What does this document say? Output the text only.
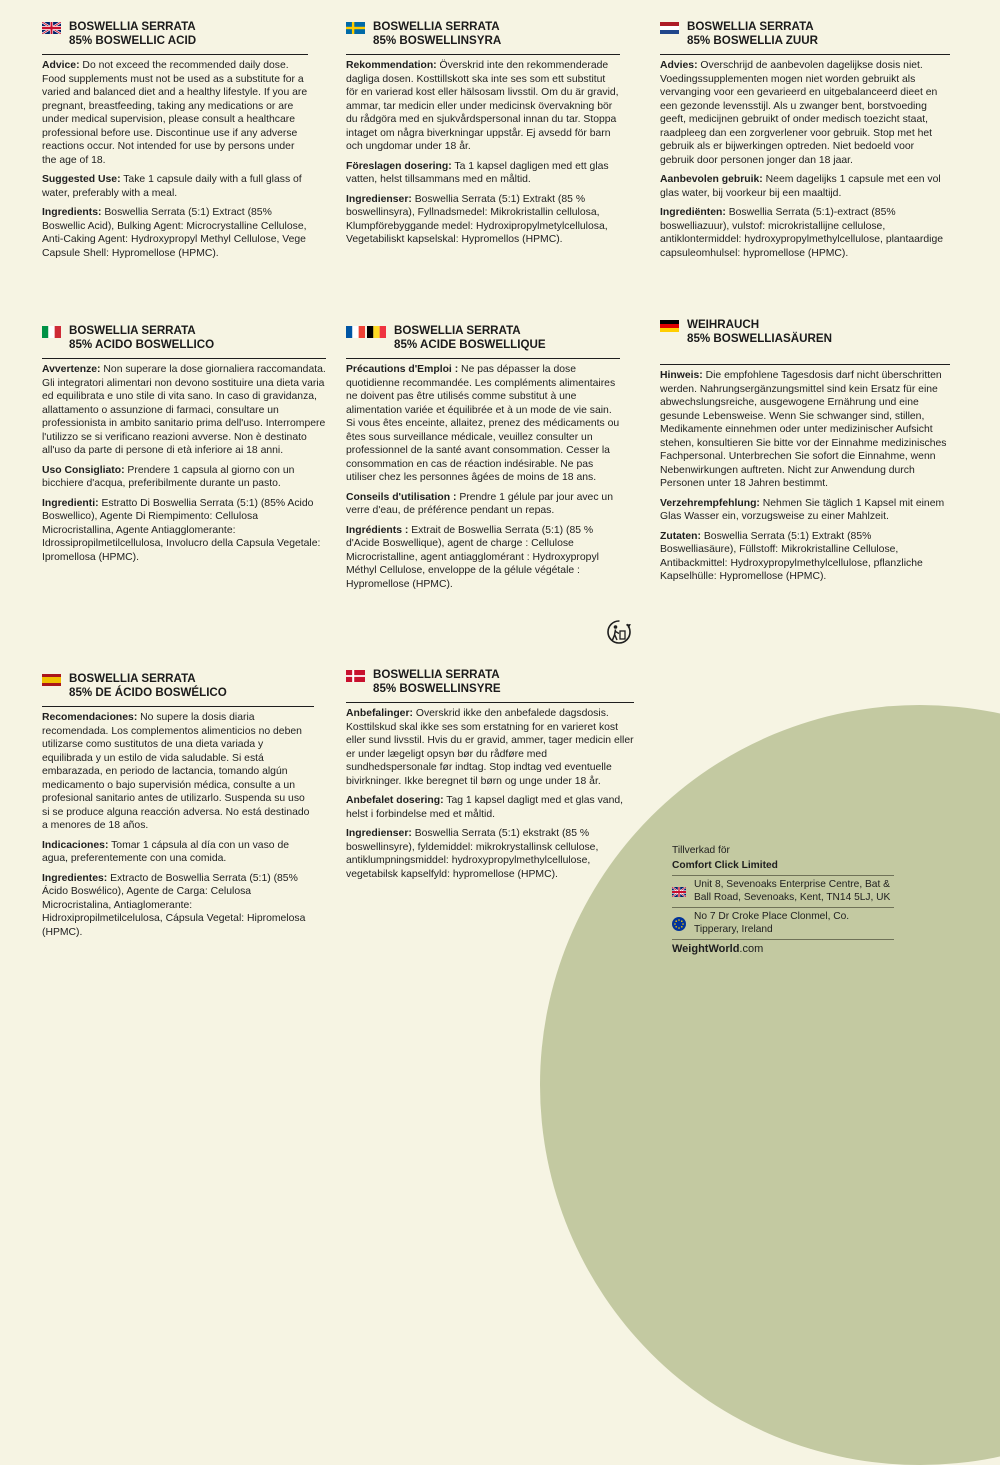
BOSWELLIA SERRATA
85% BOSWELLIC ACID

Advice: Do not exceed the recommended daily dose. Food supplements must not be used as a substitute for a varied and balanced diet and a healthy lifestyle. If you are pregnant, breastfeeding, taking any medications or are under medical supervision, please consult a healthcare professional before use. Discontinue use if any adverse reactions occur. Not intended for use by persons under the age of 18.

Suggested Use: Take 1 capsule daily with a full glass of water, preferably with a meal.

Ingredients: Boswellia Serrata (5:1) Extract (85% Boswellic Acid), Bulking Agent: Microcrystalline Cellulose, Anti-Caking Agent: Hydroxypropyl Methyl Cellulose, Vege Capsule Shell: Hypromellose (HPMC).

BOSWELLIA SERRATA
85% BOSWELLINSYRA

Rekommendation: Överskrid inte den rekommenderade dagliga dosen. Kosttillskott ska inte ses som ett substitut för en varierad kost eller hälsosam livsstil. Om du är gravid, ammar, tar medicin eller under medicinsk övervakning bör du rådgöra med en sjukvårdspersonal innan du tar. Stoppa intaget om några biverkningar uppstår. Ej avsedd för barn och ungdomar under 18 år.

Föreslagen dosering: Ta 1 kapsel dagligen med ett glas vatten, helst tillsammans med en måltid.

Ingredienser: Boswellia Serrata (5:1) Extrakt (85 % boswellinsyra), Fyllnadsmedel: Mikrokristallin cellulosa, Klumpförebyggande medel: Hydroxipropylmetylcellulosa, Vegetabiliskt kapselskal: Hypromellos (HPMC).

BOSWELLIA SERRATA
85% BOSWELLIA ZUUR

Advies: Overschrijd de aanbevolen dagelijkse dosis niet. Voedingssupplementen mogen niet worden gebruikt als vervanging voor een gevarieerd en uitgebalanceerd dieet en een gezonde levensstijl. Als u zwanger bent, borstvoeding geeft, medicijnen gebruikt of onder medisch toezicht staat, raadpleeg dan een zorgverlener voor gebruik. Stop met het gebruik als er bijwerkingen optreden. Niet bedoeld voor gebruik door personen jonger dan 18 jaar.

Aanbevolen gebruik: Neem dagelijks 1 capsule met een vol glas water, bij voorkeur bij een maaltijd.

Ingrediënten: Boswellia Serrata (5:1)-extract (85% boswelliazuur), vulstof: microkristallijne cellulose, antiklontermiddel: hydroxypropylmethylcellulose, plantaardige capsuleomhulsel: hypromellose (HPMC).

BOSWELLIA SERRATA
85% ACIDO BOSWELLICO

Avvertenze: Non superare la dose giornaliera raccomandata. Gli integratori alimentari non devono sostituire una dieta varia ed equilibrata e uno stile di vita sano. In caso di gravidanza, allattamento o assunzione di farmaci, consultare un professionista in ambito sanitario prima dell'uso. Interrompere l'utilizzo se si verificano reazioni avverse. Non è destinato all'uso da parte di persone di età inferiore ai 18 anni.

Uso Consigliato: Prendere 1 capsula al giorno con un bicchiere d'acqua, preferibilmente durante un pasto.

Ingredienti: Estratto Di Boswellia Serrata (5:1) (85% Acido Boswellico), Agente Di Riempimento: Cellulosa Microcristallina, Agente Antiagglomerante: Idrossipropilmetilcellulosa, Involucro della Capsula Vegetale: Ipromellosa (HPMC).

BOSWELLIA SERRATA
85% ACIDE BOSWELLIQUE

Précautions d'Emploi : Ne pas dépasser la dose quotidienne recommandée. Les compléments alimentaires ne doivent pas être utilisés comme substitut à une alimentation variée et équilibrée et à un mode de vie sain. Si vous êtes enceinte, allaitez, prenez des médicaments ou êtes sous surveillance médicale, veuillez consulter un professionnel de la santé avant consommation. Cesser la consommation en cas de réaction indésirable. Ne pas utiliser chez les personnes âgées de moins de 18 ans.

Conseils d'utilisation : Prendre 1 gélule par jour avec un verre d'eau, de préférence pendant un repas.

Ingrédients : Extrait de Boswellia Serrata (5:1) (85 % d'Acide Boswellique), agent de charge : Cellulose Microcristalline, agent antiagglomérant : Hydroxypropyl Méthyl Cellulose, enveloppe de la gélule végétale : Hypromellose (HPMC).

WEIHRAUCH
85% BOSWELLIASÄUREN

Hinweis: Die empfohlene Tagesdosis darf nicht überschritten werden. Nahrungsergänzungsmittel sind kein Ersatz für eine abwechslungsreiche, ausgewogene Ernährung und eine gesunde Lebensweise. Wenn Sie schwanger sind, stillen, Medikamente einnehmen oder unter medizinischer Aufsicht stehen, konsultieren Sie bitte vor der Einnahme medizinisches Fachpersonal. Unterbrechen Sie sofort die Einnahme, wenn Nebenwirkungen auftreten. Nicht zur Anwendung durch Personen unter 18 Jahren bestimmt.

Verzehrempfehlung: Nehmen Sie täglich 1 Kapsel mit einem Glas Wasser ein, vorzugsweise zu einer Mahlzeit.

Zutaten: Boswellia Serrata (5:1) Extrakt (85% Boswelliasäure), Füllstoff: Mikrokristalline Cellulose, Antibackmittel: Hydroxypropylmethylcellulose, pflanzliche Kapselhülle: Hypromellose (HPMC).

BOSWELLIA SERRATA
85% DE ÁCIDO BOSWÉLICO

Recomendaciones: No supere la dosis diaria recomendada. Los complementos alimenticios no deben utilizarse como sustitutos de una dieta variada y equilibrada y un estilo de vida saludable. Si está embarazada, en periodo de lactancia, tomando algún medicamento o bajo supervisión médica, consulte a un profesional sanitario antes de utilizarlo. Suspenda su uso si se produce alguna reacción adversa. No está destinado a menores de 18 años.

Indicaciones: Tomar 1 cápsula al día con un vaso de agua, preferentemente con una comida.

Ingredientes: Extracto de Boswellia Serrata (5:1) (85% Ácido Boswélico), Agente de Carga: Celulosa Microcristalina, Antiaglomerante: Hidroxipropilmetilcelulosa, Cápsula Vegetal: Hipromelosa (HPMC).

BOSWELLIA SERRATA
85% BOSWELLINSYRE

Anbefalinger: Overskrid ikke den anbefalede dagsdosis. Kosttilskud skal ikke ses som erstatning for en varieret kost eller sund livsstil. Hvis du er gravid, ammer, tager medicin eller er under lægeligt opsyn bør du rådføre med sundhedspersonale før indtag. Stop indtag ved eventuelle bivirkninger. Ikke beregnet til børn og unge under 18 år.

Anbefalet dosering: Tag 1 kapsel dagligt med et glas vand, helst i forbindelse med et måltid.

Ingredienser: Boswellia Serrata (5:1) ekstrakt (85 % boswellinsyre), fyldemiddel: mikrokrystallinsk cellulose, antiklumpningsmiddel: hydroxypropylmethylcellulose, vegetabilsk kapselfyld: hypromellose (HPMC).

Tillverkad för
Comfort Click Limited
Unit 8, Sevenoaks Enterprise Centre, Bat & Ball Road, Sevenoaks, Kent, TN14 5LJ, UK
No 7 Dr Croke Place Clonmel, Co. Tipperary, Ireland
WeightWorld.com
